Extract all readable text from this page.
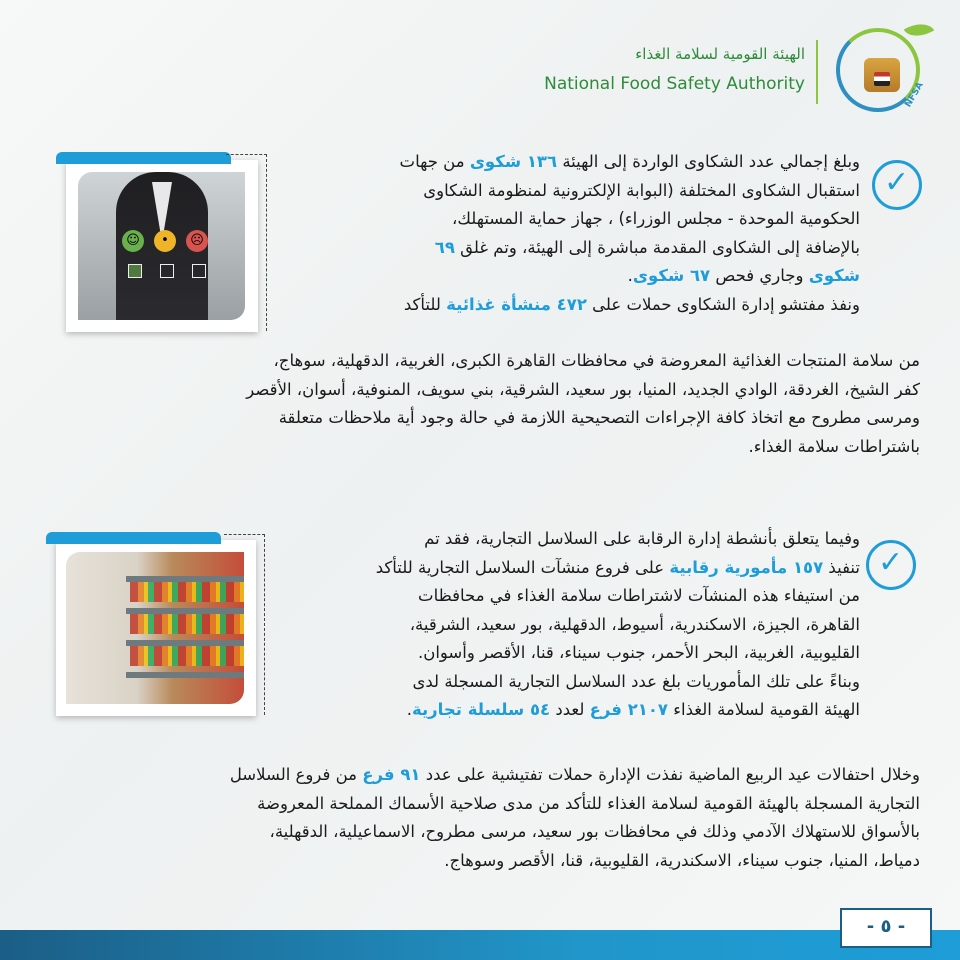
NFSA
الهيئة القومية لسلامة الغذاء
National Food Safety Authority
☺	•	☹
✓
وبلغ إجمالي عدد الشكاوى الواردة إلى الهيئة ١٣٦ شكوى من جهات
استقبال الشكاوى المختلفة (البوابة الإلكترونية لمنظومة الشكاوى
الحكومية الموحدة - مجلس الوزراء) ، جهاز حماية المستهلك،
بالإضافة إلى الشكاوى المقدمة مباشرة إلى الهيئة، وتم غلق ٦٩
شكوى وجاري فحص ٦٧ شكوى.
ونفذ مفتشو إدارة الشكاوى حملات على ٤٧٢ منشأة غذائية للتأكد
من سلامة المنتجات الغذائية المعروضة في محافظات القاهرة الكبرى، الغربية، الدقهلية، سوهاج،
كفر الشيخ، الغردقة، الوادي الجديد، المنيا، بور سعيد، الشرقية، بني سويف، المنوفية، أسوان، الأقصر
ومرسى مطروح مع اتخاذ كافة الإجراءات التصحيحية اللازمة في حالة وجود أية ملاحظات متعلقة
باشتراطات سلامة الغذاء.
✓
وفيما يتعلق بأنشطة إدارة الرقابة على السلاسل التجارية، فقد تم
تنفيذ ١٥٧ مأمورية رقابية على فروع منشآت السلاسل التجارية للتأكد
من استيفاء هذه المنشآت لاشتراطات سلامة الغذاء في محافظات
القاهرة، الجيزة، الاسكندرية، أسيوط، الدقهلية، بور سعيد، الشرقية،
القليوبية، الغربية، البحر الأحمر، جنوب سيناء، قنا، الأقصر وأسوان.
وبناءً على تلك المأموريات بلغ عدد السلاسل التجارية المسجلة لدى
الهيئة القومية لسلامة الغذاء ٢١٠٧ فرع لعدد ٥٤ سلسلة تجارية.
وخلال احتفالات عيد الربيع الماضية نفذت الإدارة حملات تفتيشية على عدد ٩١ فرع من فروع السلاسل
التجارية المسجلة بالهيئة القومية لسلامة الغذاء للتأكد من مدى صلاحية الأسماك المملحة المعروضة
بالأسواق للاستهلاك الآدمي وذلك في محافظات بور سعيد، مرسى مطروح، الاسماعيلية، الدقهلية،
دمياط، المنيا، جنوب سيناء، الاسكندرية، القليوبية، قنا، الأقصر وسوهاج.
- ٥ -
